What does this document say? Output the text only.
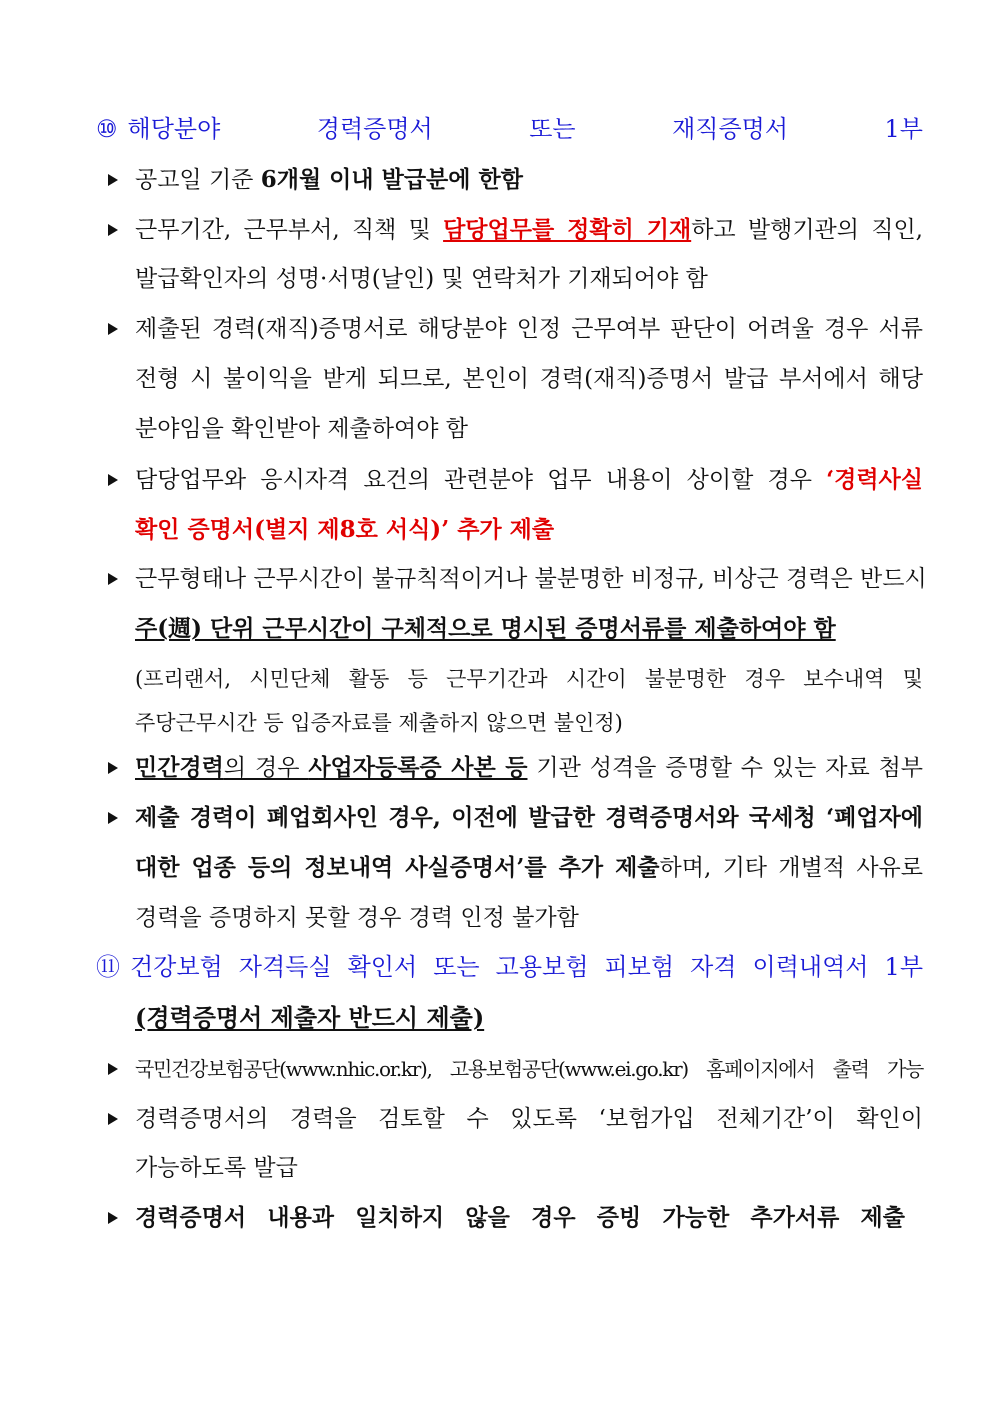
⑩ 해당분야 경력증명서 또는 재직증명서 1부
공고일 기준 6개월 이내 발급분에 한함
근무기간, 근무부서, 직책 및 담당업무를 정확히 기재하고 발행기관의 직인,
발급확인자의 성명·서명(날인) 및 연락처가 기재되어야 함
제출된 경력(재직)증명서로 해당분야 인정 근무여부 판단이 어려울 경우 서류
전형 시 불이익을 받게 되므로, 본인이 경력(재직)증명서 발급 부서에서 해당
분야임을 확인받아 제출하여야 함
담당업무와 응시자격 요건의 관련분야 업무 내용이 상이할 경우 ‘경력사실
확인 증명서(별지 제8호 서식)’ 추가 제출
근무형태나 근무시간이 불규칙적이거나 불분명한 비정규, 비상근 경력은 반드시
주(週) 단위 근무시간이 구체적으로 명시된 증명서류를 제출하여야 함
(프리랜서, 시민단체 활동 등 근무기간과 시간이 불분명한 경우 보수내역 및
주당근무시간 등 입증자료를 제출하지 않으면 불인정)
민간경력의 경우 사업자등록증 사본 등 기관 성격을 증명할 수 있는 자료 첨부
제출 경력이 폐업회사인 경우, 이전에 발급한 경력증명서와 국세청 ‘폐업자에
대한 업종 등의 정보내역 사실증명서’를 추가 제출하며, 기타 개별적 사유로
경력을 증명하지 못할 경우 경력 인정 불가함
⑪ 건강보험 자격득실 확인서 또는 고용보험 피보험 자격 이력내역서 1부
(경력증명서 제출자 반드시 제출)
국민건강보험공단(www.nhic.or.kr), 고용보험공단(www.ei.go.kr) 홈페이지에서 출력 가능
경력증명서의 경력을 검토할 수 있도록 ‘보험가입 전체기간’이 확인이
가능하도록 발급
경력증명서 내용과 일치하지 않을 경우 증빙 가능한 추가서류 제출
